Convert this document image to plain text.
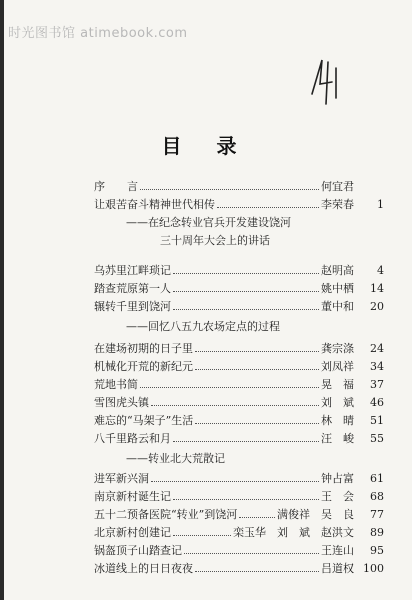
时光图书馆 atimebook.com
目 录
序　　言	何宜君
让艰苦奋斗精神世代相传	李荣春	1
——在纪念转业官兵开发建设饶河
三十周年大会上的讲话
乌苏里江畔琐记	赵明高	4
踏查荒原第一人	姚中栖	14
辗转千里到饶河	董中和	20
——回忆八五九农场定点的过程
在建场初期的日子里	龚宗涤	24
机械化开荒的新纪元	刘凤祥	34
荒地书简	晃　福	37
雪图虎头镇	刘　斌	46
难忘的“马架子”生活	林　晴	51
八千里路云和月	汪　峻	55
——转业北大荒散记
进军新兴洞	钟占富	61
南京新村诞生记	王　会	68
五十二预备医院“转业”到饶河	满俊祥　吴　良	77
北京新村创建记	栾玉华　刘　斌　赵洪文	89
锅盔顶子山踏查记	王连山	95
冰道线上的日日夜夜	吕道权 100
